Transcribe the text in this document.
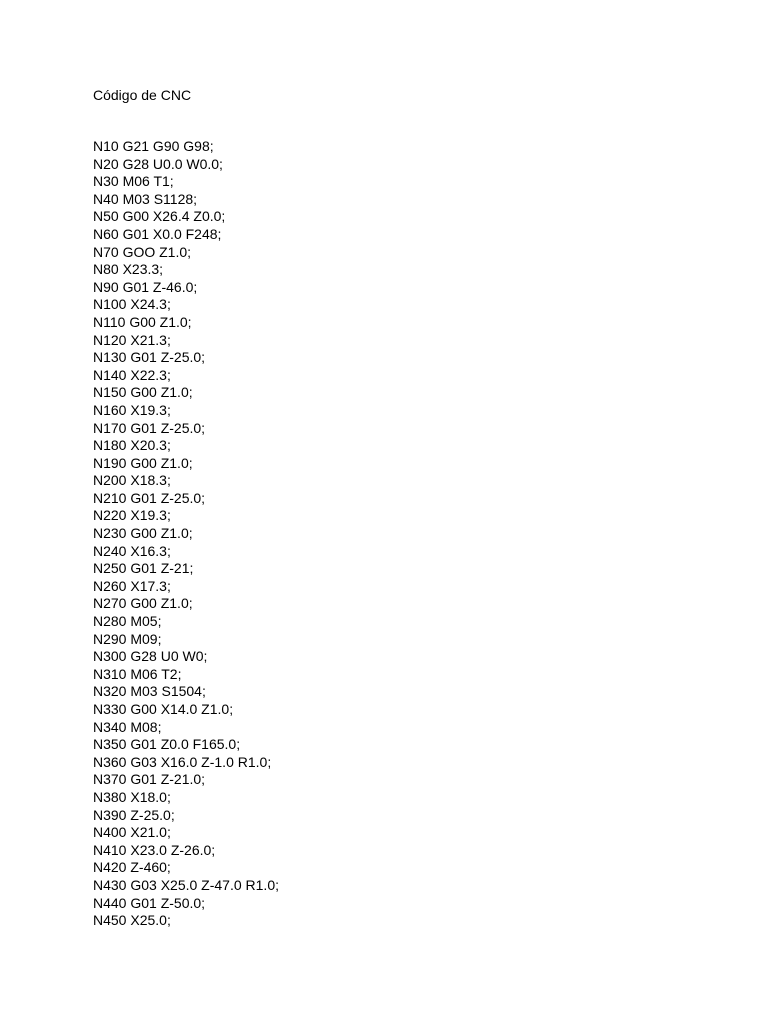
Código de CNC
N10 G21 G90 G98;
N20 G28 U0.0 W0.0;
N30 M06 T1;
N40 M03 S1128;
N50 G00 X26.4 Z0.0;
N60 G01 X0.0 F248;
N70 GOO Z1.0;
N80 X23.3;
N90 G01 Z-46.0;
N100 X24.3;
N110 G00 Z1.0;
N120 X21.3;
N130 G01 Z-25.0;
N140 X22.3;
N150 G00 Z1.0;
N160 X19.3;
N170 G01 Z-25.0;
N180 X20.3;
N190 G00 Z1.0;
N200 X18.3;
N210 G01 Z-25.0;
N220 X19.3;
N230 G00 Z1.0;
N240 X16.3;
N250 G01 Z-21;
N260 X17.3;
N270 G00 Z1.0;
N280 M05;
N290 M09;
N300 G28 U0 W0;
N310 M06 T2;
N320 M03 S1504;
N330 G00 X14.0 Z1.0;
N340 M08;
N350 G01 Z0.0 F165.0;
N360 G03 X16.0 Z-1.0 R1.0;
N370 G01 Z-21.0;
N380 X18.0;
N390 Z-25.0;
N400 X21.0;
N410 X23.0 Z-26.0;
N420 Z-460;
N430 G03 X25.0 Z-47.0 R1.0;
N440 G01 Z-50.0;
N450 X25.0;
